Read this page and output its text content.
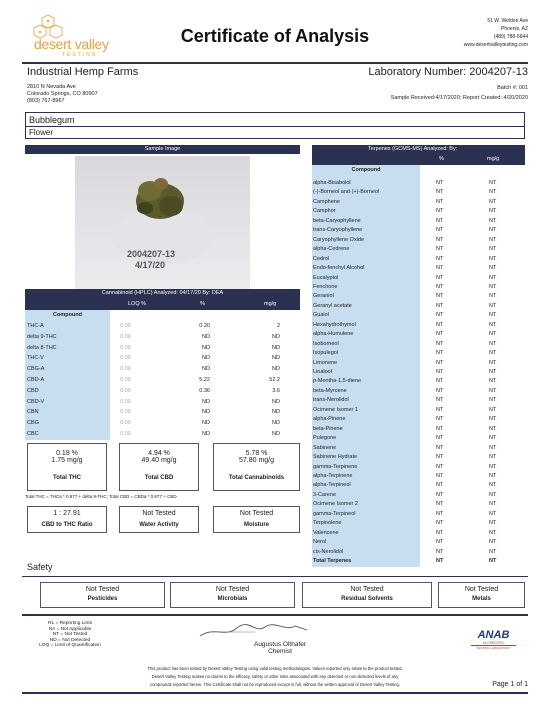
desert valley
TESTING
Certificate of Analysis
51 W. Weldon Ave
Phoenix, AZ
(480) 788-6644
www.desertvalleytesting.com
Industrial Hemp Farms
2810 N Nevada Ave
Colorado Springs, CO 80907
(803) 767-8967
Laboratory Number: 2004207-13
Batch #: 001
Sample Received:4/17/2020; Report Created: 4/20/2020
Bubblegum
Flower
Sample Image
2004207-13
4/17/20
Cannabinoid (HPLC) Analyzed: 04/17/20 By: DEA
LOQ %	%	mg/g
Compound
THC-A	0.09	0.20	2
delta 9-THC	0.09	ND	ND
delta 8-THC	0.09	ND	ND
THC-V	0.09	ND	ND
CBG-A	0.09	ND	ND
CBD-A	0.09	5.22	52.2
CBD	0.09	0.36	3.6
CBD-V	0.09	ND	ND
CBN	0.09	ND	ND
CBG	0.09	ND	ND
CBC	0.09	ND	ND
0.18 %
1.75 mg/g
Total THC
4.94 %
49.40 mg/g
Total CBD
5.78 %
57.80 mg/g
Total Cannabinoids
Total THC = THCa * 0.877 + delta 9-THC; Total CBD = CBDa * 0.877 + CBD
1 : 27.91
CBD to THC Ratio
Not Tested
Water Activity
Not Tested
Moisture
Terpenes (GCMS-MS) Analyzed: By:
%	mg/g
Compound
alpha-Bisabolol	NT	NT
(-)-Borneol and (+)-Borneol	NT	NT
Camphene	NT	NT
Camphor	NT	NT
beta-Caryophyllene	NT	NT
trans-Caryophyllene	NT	NT
Caryophyllene Oxide	NT	NT
alpha-Cedrene	NT	NT
Cedrol	NT	NT
Endo-fenchyl Alcohol	NT	NT
Eucalyptol	NT	NT
Fenchone	NT	NT
Geraniol	NT	NT
Geranyl acetate	NT	NT
Guaiol	NT	NT
Hexahydrothymol	NT	NT
alpha-Humulene	NT	NT
Isoborneol	NT	NT
Isopulegol	NT	NT
Limonene	NT	NT
Linalool	NT	NT
p-Mentha-1,5-diene	NT	NT
beta-Myrcene	NT	NT
trans-Nerolidol	NT	NT
Ocimene Isomer 1	NT	NT
alpha-Pinene	NT	NT
beta-Pinene	NT	NT
Pulegone	NT	NT
Sabinene	NT	NT
Sabinene Hydrate	NT	NT
gamma-Terpinene	NT	NT
alpha-Terpinene	NT	NT
alpha-Terpineol	NT	NT
3-Carene	NT	NT
Ocimene Isomer 2	NT	NT
gamma-Terpineol	NT	NT
Terpinolene	NT	NT
Valencene	NT	NT
Nerol	NT	NT
cis-Nerolidol	NT	NT
Total Terpenes	NT	NT
Safety
Not Tested
Pesticides
Not Tested
Microbials
Not Tested
Residual Solvents
Not Tested
Metals
RL = Reporting Limit
NA = Not Applicable
NT = Not Tested
ND = Not Detected
LOQ = Limit of Quantification	Augustus Olthafer
Chemist
ANAB
ACCREDITED
TESTING LABORATORY
This product has been tested by Desert Valley Testing using valid testing methodologies. Values reported only relate to the product tested.
Desert Valley Testing makes no claims to the efficacy, safety or other risks associated with any detected or non-detected levels of any
compounds reported herein. This Certificate shall not be reproduced except in full, without the written approval of Desert Valley Testing.	Page 1 of 1
